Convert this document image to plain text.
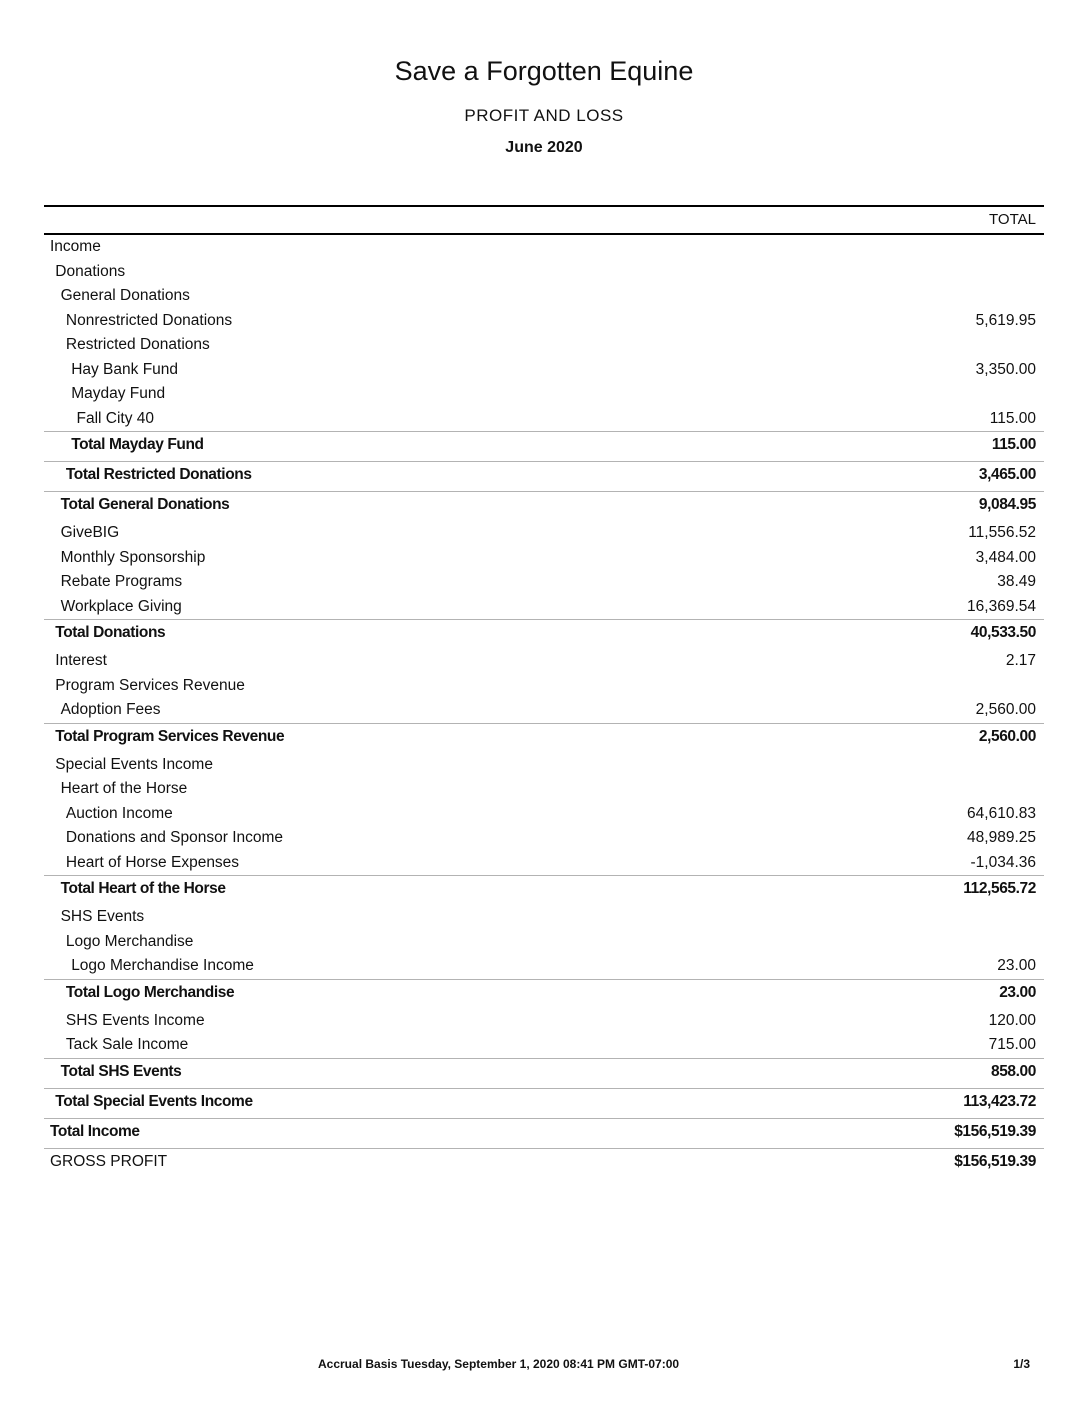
Save a Forgotten Equine
PROFIT AND LOSS
June 2020
TOTAL
Income
Donations
General Donations
Nonrestricted Donations	5,619.95
Restricted Donations
Hay Bank Fund	3,350.00
Mayday Fund
Fall City 40	115.00
Total Mayday Fund	115.00
Total Restricted Donations	3,465.00
Total General Donations	9,084.95
GiveBIG	11,556.52
Monthly Sponsorship	3,484.00
Rebate Programs	38.49
Workplace Giving	16,369.54
Total Donations	40,533.50
Interest	2.17
Program Services Revenue
Adoption Fees	2,560.00
Total Program Services Revenue	2,560.00
Special Events Income
Heart of the Horse
Auction Income	64,610.83
Donations and Sponsor Income	48,989.25
Heart of Horse Expenses	-1,034.36
Total Heart of the Horse	112,565.72
SHS Events
Logo Merchandise
Logo Merchandise Income	23.00
Total Logo Merchandise	23.00
SHS Events Income	120.00
Tack Sale Income	715.00
Total SHS Events	858.00
Total Special Events Income	113,423.72
Total Income	$156,519.39
GROSS PROFIT	$156,519.39
Accrual Basis Tuesday, September 1, 2020 08:41 PM GMT-07:00	1/3
